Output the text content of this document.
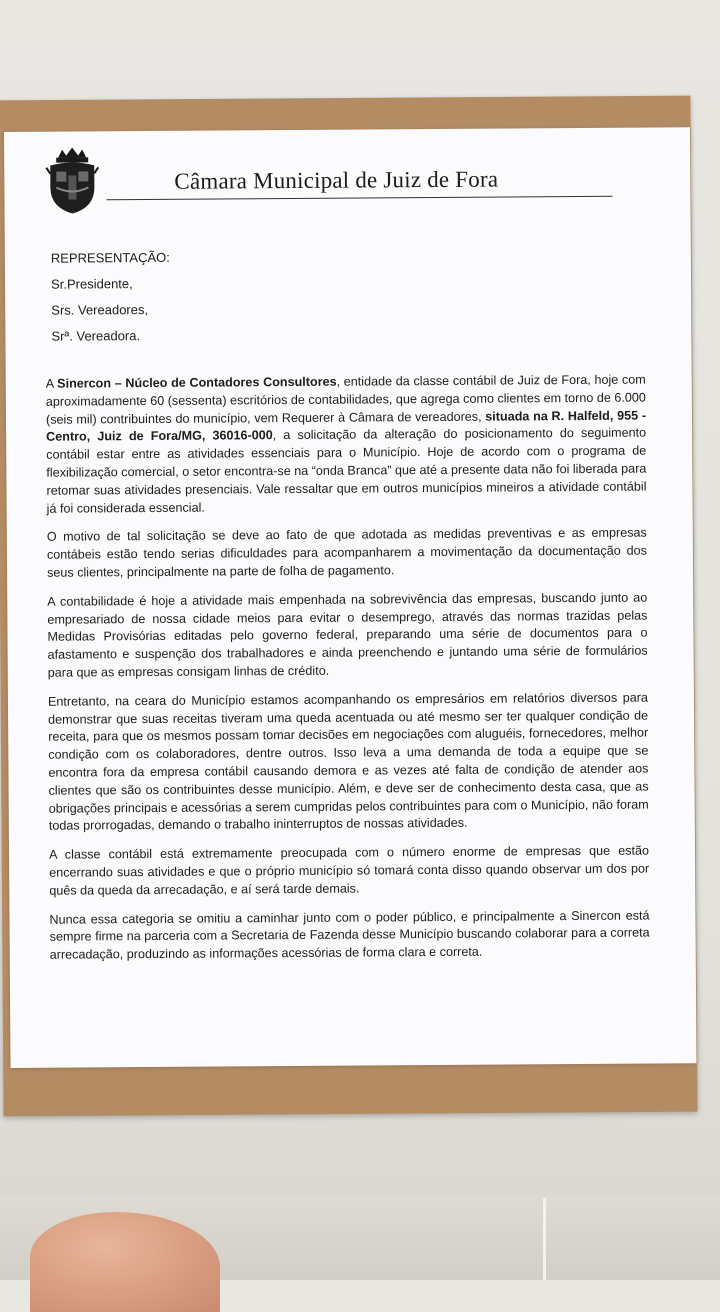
Câmara Municipal de Juiz de Fora
REPRESENTAÇÃO:
Sr.Presidente,
Srs. Vereadores,
Srª. Vereadora.

A Sinercon – Núcleo de Contadores Consultores, entidade da classe contábil de Juiz de Fora, hoje com aproximadamente 60 (sessenta) escritórios de contabilidades, que agrega como clientes em torno de 6.000 (seis mil) contribuintes do município, vem Requerer à Câmara de vereadores, situada na R. Halfeld, 955 - Centro, Juiz de Fora/MG, 36016-000, a solicitação da alteração do posicionamento do seguimento contábil estar entre as atividades essenciais para o Município. Hoje de acordo com o programa de flexibilização comercial, o setor encontra-se na “onda Branca” que até a presente data não foi liberada para retomar suas atividades presenciais. Vale ressaltar que em outros municípios mineiros a atividade contábil já foi considerada essencial.

O motivo de tal solicitação se deve ao fato de que adotada as medidas preventivas e as empresas contábeis estão tendo serias dificuldades para acompanharem a movimentação da documentação dos seus clientes, principalmente na parte de folha de pagamento.

A contabilidade é hoje a atividade mais empenhada na sobrevivência das empresas, buscando junto ao empresariado de nossa cidade meios para evitar o desemprego, através das normas trazidas pelas Medidas Provisórias editadas pelo governo federal, preparando uma série de documentos para o afastamento e suspenção dos trabalhadores e ainda preenchendo e juntando uma série de formulários para que as empresas consigam linhas de crédito.

Entretanto, na ceara do Município estamos acompanhando os empresários em relatórios diversos para demonstrar que suas receitas tiveram uma queda acentuada ou até mesmo ser ter qualquer condição de receita, para que os mesmos possam tomar decisões em negociações com aluguéis, fornecedores, melhor condição com os colaboradores, dentre outros. Isso leva a uma demanda de toda a equipe que se encontra fora da empresa contábil causando demora e as vezes até falta de condição de atender aos clientes que são os contribuintes desse município. Além, e deve ser de conhecimento desta casa, que as obrigações principais e acessórias a serem cumpridas pelos contribuintes para com o Município, não foram todas prorrogadas, demando o trabalho ininterruptos de nossas atividades.

A classe contábil está extremamente preocupada com o número enorme de empresas que estão encerrando suas atividades e que o próprio município só tomará conta disso quando observar um dos por quês da queda da arrecadação, e aí será tarde demais.

Nunca essa categoria se omitiu a caminhar junto com o poder público, e principalmente a Sinercon está sempre firme na parceria com a Secretaria de Fazenda desse Município buscando colaborar para a correta arrecadação, produzindo as informações acessórias de forma clara e correta.
